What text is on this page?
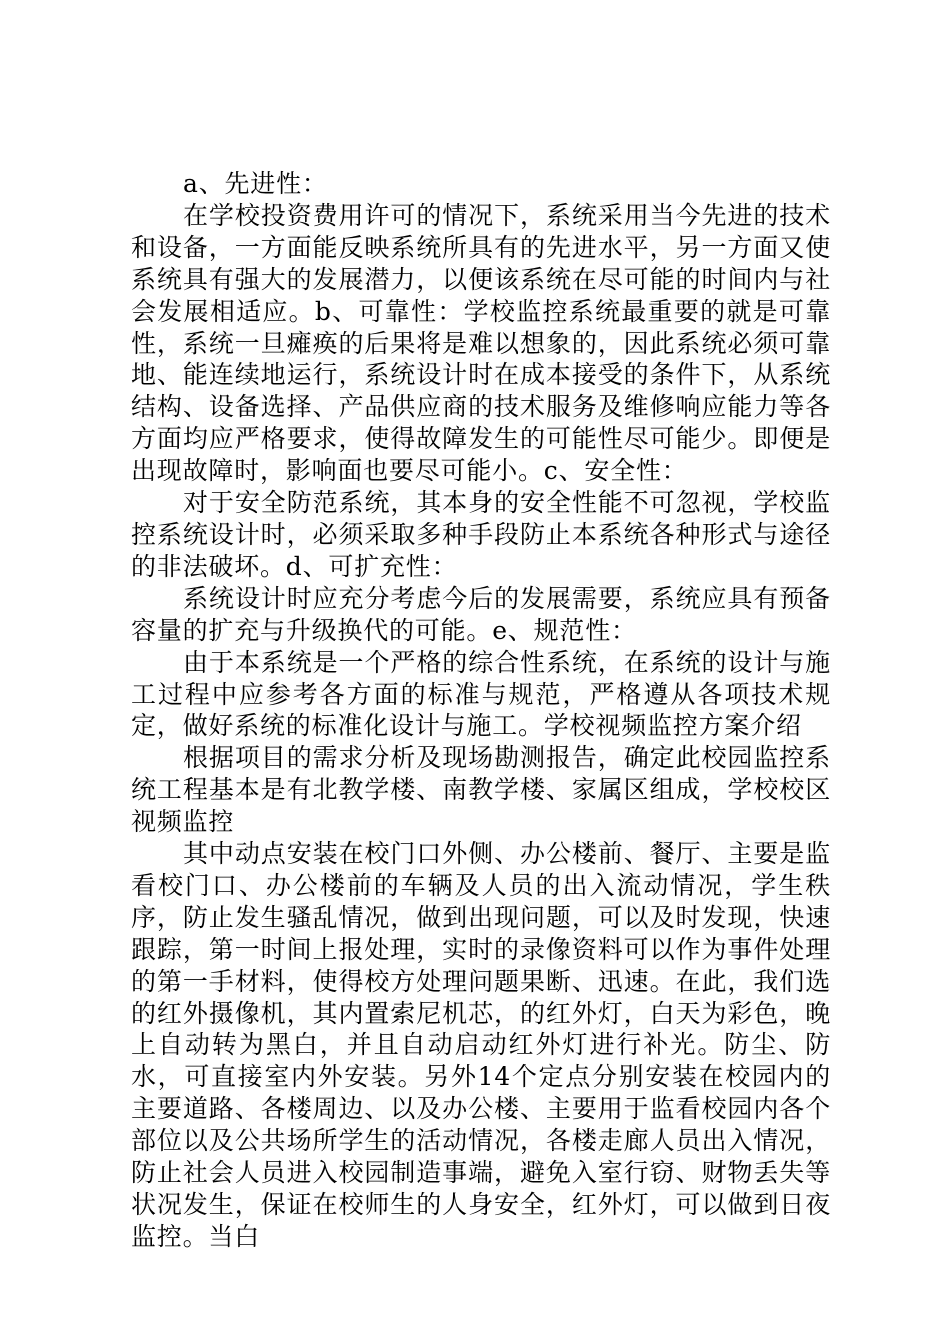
a、先进性：

在学校投资费用许可的情况下，系统采用当今先进的技术和设备，一方面能反映系统所具有的先进水平，另一方面又使系统具有强大的发展潜力，以便该系统在尽可能的时间内与社会发展相适应。b、可靠性：学校监控系统最重要的就是可靠性，系统一旦瘫痪的后果将是难以想象的，因此系统必须可靠地、能连续地运行，系统设计时在成本接受的条件下，从系统结构、设备选择、产品供应商的技术服务及维修响应能力等各方面均应严格要求，使得故障发生的可能性尽可能少。即便是出现故障时，影响面也要尽可能小。c、安全性：

对于安全防范系统，其本身的安全性能不可忽视，学校监控系统设计时，必须采取多种手段防止本系统各种形式与途径的非法破坏。d、可扩充性：

系统设计时应充分考虑今后的发展需要，系统应具有预备容量的扩充与升级换代的可能。e、规范性：

由于本系统是一个严格的综合性系统，在系统的设计与施工过程中应参考各方面的标准与规范，严格遵从各项技术规定，做好系统的标准化设计与施工。学校视频监控方案介绍

根据项目的需求分析及现场勘测报告，确定此校园监控系统工程基本是有北教学楼、南教学楼、家属区组成，学校校区视频监控

其中动点安装在校门口外侧、办公楼前、餐厅、主要是监看校门口、办公楼前的车辆及人员的出入流动情况，学生秩序，防止发生骚乱情况，做到出现问题，可以及时发现，快速跟踪，第一时间上报处理，实时的录像资料可以作为事件处理的第一手材料，使得校方处理问题果断、迅速。在此，我们选的红外摄像机，其内置索尼机芯，的红外灯，白天为彩色，晚上自动转为黑白，并且自动启动红外灯进行补光。防尘、防水，可直接室内外安装。另外14个定点分别安装在校园内的主要道路、各楼周边、以及办公楼、主要用于监看校园内各个部位以及公共场所学生的活动情况，各楼走廊人员出入情况，防止社会人员进入校园制造事端，避免入室行窃、财物丢失等状况发生，保证在校师生的人身安全，红外灯，可以做到日夜监控。当白
